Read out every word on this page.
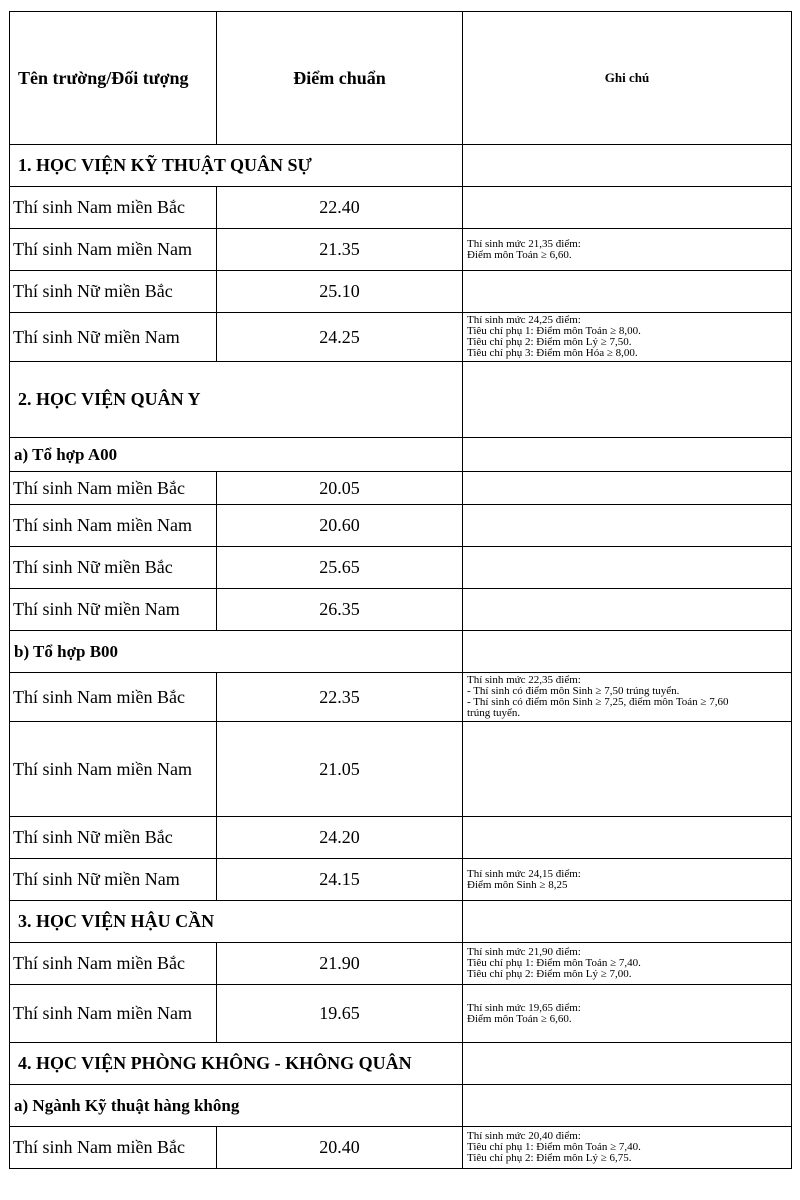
Tên trường/Đối tượng	Điểm chuẩn	Ghi chú
1. HỌC VIỆN KỸ THUẬT QUÂN SỰ		
Thí sinh Nam miền Bắc	22.40	
Thí sinh Nam miền Nam	21.35	Thí sinh mức 21,35 điểm:
Điểm môn Toán ≥ 6,60.

Thí sinh Nữ miền Bắc	25.10	
Thí sinh Nữ miền Nam	24.25	Thí sinh mức 24,25 điểm:
Tiêu chí phụ 1: Điểm môn Toán ≥ 8,00.
Tiêu chí phụ 2: Điểm môn Lý ≥ 7,50.
Tiêu chí phụ 3: Điểm môn Hóa ≥ 8,00.

2. HỌC VIỆN QUÂN Y		
a) Tổ hợp A00		
Thí sinh Nam miền Bắc	20.05	
Thí sinh Nam miền Nam	20.60	
Thí sinh Nữ miền Bắc	25.65	
Thí sinh Nữ miền Nam	26.35	
b) Tổ hợp B00		
Thí sinh Nam miền Bắc	22.35	Thí sinh mức 22,35 điểm:
- Thí sinh có điểm môn Sinh ≥ 7,50 trúng tuyển.
- Thí sinh có điểm môn Sinh ≥ 7,25, điểm môn Toán ≥ 7,60
trúng tuyển.

Thí sinh Nam miền Nam	21.05	
Thí sinh Nữ miền Bắc	24.20	
Thí sinh Nữ miền Nam	24.15	Thí sinh mức 24,15 điểm:
Điểm môn Sinh ≥ 8,25

3. HỌC VIỆN HẬU CẦN		
Thí sinh Nam miền Bắc	21.90	Thí sinh mức 21,90 điểm:
Tiêu chí phụ 1: Điểm môn Toán ≥ 7,40.
Tiêu chí phụ 2: Điểm môn Lý ≥ 7,00.

Thí sinh Nam miền Nam	19.65	Thí sinh mức 19,65 điểm:
Điểm môn Toán ≥ 6,60.

4. HỌC VIỆN PHÒNG KHÔNG - KHÔNG QUÂN		
a) Ngành Kỹ thuật hàng không		
Thí sinh Nam miền Bắc	20.40	Thí sinh mức 20,40 điểm:
Tiêu chí phụ 1: Điểm môn Toán ≥ 7,40.
Tiêu chí phụ 2: Điểm môn Lý ≥ 6,75.
